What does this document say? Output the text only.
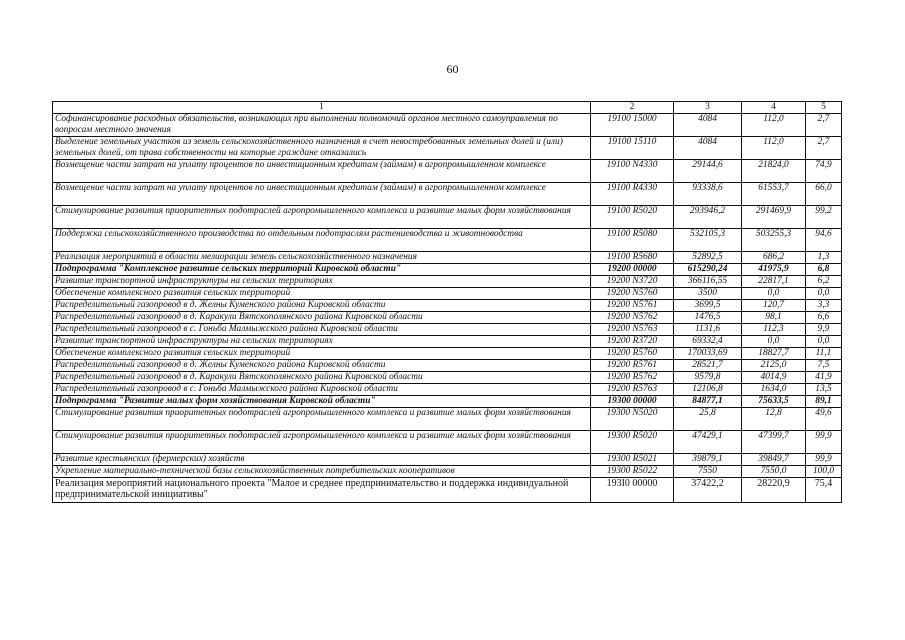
60
1	2	3	4	5
Софинансирование расходных обязательств, возникающих при выполнении полномочий органов местного самоуправления по вопросам местного значения	19100 15000	4084	112,0	2,7
Выделение земельных участков из земель сельскохозяйственного назначения в счет невостребованных земельных долей и (или) земельных долей, от права собственности на которые граждане отказались	19100 15110	4084	112,0	2,7
Возмещение части затрат на уплату процентов по инвестиционным кредитам (займам) в агропромышленном комплексе	19100 N4330	29144,6	21824,0	74,9
Возмещение части затрат на уплату процентов по инвестиционным кредитам (займам) в агропромышленном комплексе	19100 R4330	93338,6	61553,7	66,0
Стимулирование развития приоритетных подотраслей агропромышленного комплекса и развитие малых форм хозяйствования	19100 R5020	293946,2	291469,9	99,2
Поддержка сельскохозяйственного производства по отдельным подотраслям растениеводства и животноводства	19100 R5080	532105,3	503255,3	94,6
Реализация мероприятий в области мелиорации земель сельскохозяйственного назначения	19100 R5680	52892,5	686,2	1,3
Подпрограмма "Комплексное развитие сельских территорий Кировской области"	19200 00000	615290,24	41975,9	6,8
Развитие транспортной инфраструктуры на сельских территориях	19200 N3720	366116,55	22817,1	6,2
Обеспечение комплексного развития сельских территорий	19200 N5760	3500	0,0	0,0
Распределительный газопровод в д. Желны Куменского района Кировской области	19200 N5761	3699,5	120,7	3,3
Распределительный газопровод в д. Каракули Вятскополянского района Кировской области	19200 N5762	1476,5	98,1	6,6
Распределительный газопровод в с. Гоньба Малмыжского района Кировской области	19200 N5763	1131,6	112,3	9,9
Развитие транспортной инфраструктуры на сельских территориях	19200 R3720	69332,4	0,0	0,0
Обеспечение комплексного развития сельских территорий	19200 R5760	170033,69	18827,7	11,1
Распределительный газопровод в д. Желны Куменского района Кировской области	19200 R5761	28521,7	2125,0	7,5
Распределительный газопровод в д. Каракули Вятскополянского района Кировской области	19200 R5762	9579,8	4014,9	41,9
Распределительный газопровод в с. Гоньба Малмыжского района Кировской области	19200 R5763	12106,8	1634,0	13,5
Подпрограмма "Развитие малых форм хозяйствования Кировской области"	19300 00000	84877,1	75633,5	89,1
Стимулирование развития приоритетных подотраслей агропромышленного комплекса и развитие малых форм хозяйствования	19300 N5020	25,8	12,8	49,6
Стимулирование развития приоритетных подотраслей агропромышленного комплекса и развитие малых форм хозяйствования	19300 R5020	47429,1	47399,7	99,9
Развитие крестьянских (фермерских) хозяйств	19300 R5021	39879,1	39849,7	99,9
Укрепление материально-технической базы сельскохозяйственных потребительских кооперативов	19300 R5022	7550	7550,0	100,0
Реализация мероприятий национального проекта "Малое и среднее предпринимательство и поддержка индивидуальной предпринимательской инициативы"	193I0 00000	37422,2	28220,9	75,4
